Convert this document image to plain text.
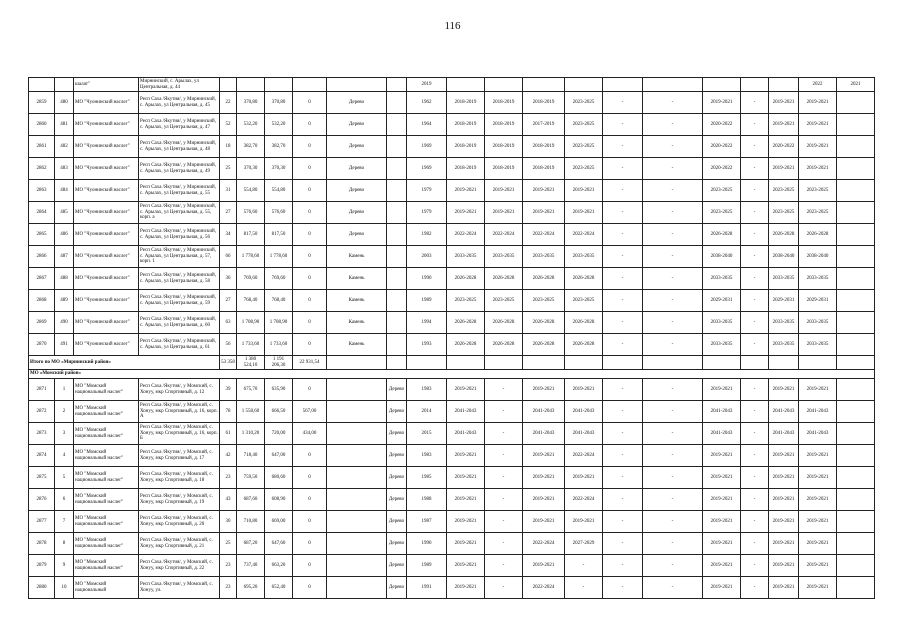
116
		шалат"	Мирнинский, с. Арылах, ул Центральная, д. 44							2019										2022	2021
2859	480	МО "Чуонинский наслег"	Респ Саха /Якутия/, у Мирнинский, с. Арылах, ул Центральная, д. 45	22	370,80	370,80	0	Дерево		1962	2018-2019	2018-2019	2018-2019	2023-2025	-	-	2019-2021	-	2019-2021	2019-2021	
2860	481	МО "Чуонинский наслег"	Респ Саха /Якутия/, у Мирнинский, с. Арылах, ул Центральная, д. 47	52	532,20	532,20	0	Дерево		1964	2018-2019	2018-2019	2017-2019	2023-2025	-	-	2020-2022	-	2019-2021	2019-2021	
2861	482	МО "Чуонинский наслег"	Респ Саха /Якутия/, у Мирнинский, с. Арылах, ул Центральная, д. 48	18	382,70	382,70	0	Дерево		1969	2018-2019	2018-2019	2018-2019	2023-2025	-	-	2020-2022	-	2020-2022	2019-2021	
2862	483	МО "Чуонинский наслег"	Респ Саха /Якутия/, у Мирнинский, с. Арылах, ул Центральная, д. 49	25	370,30	370,30	0	Дерево		1969	2018-2019	2018-2019	2018-2019	2023-2025	-	-	2020-2022	-	2019-2021	2019-2021	
2863	484	МО "Чуонинский наслег"	Респ Саха /Якутия/, у Мирнинский, с. Арылах, ул Центральная, д. 55	31	554,80	554,80	0	Дерево		1979	2019-2021	2019-2021	2019-2021	2019-2021	-	-	2023-2025	-	2023-2025	2023-2025	
2864	485	МО "Чуонинский наслег"	Респ Саха /Якутия/, у Мирнинский, с. Арылах, ул Центральная, д. 55, корп. а	27	576,60	576,60	0	Дерево		1979	2019-2021	2019-2021	2019-2021	2019-2021	-	-	2023-2025	-	2023-2025	2023-2025	
2865	486	МО "Чуонинский наслег"	Респ Саха /Якутия/, у Мирнинский, с. Арылах, ул Центральная, д. 56	34	817,50	817,50	0	Дерево		1982	2022-2024	2022-2024	2022-2024	2022-2024	-	-	2026-2028	-	2026-2028	2026-2028	
2866	487	МО "Чуонинский наслег"	Респ Саха /Якутия/, у Мирнинский, с. Арылах, ул Центральная, д. 57, корп. 1	66	1 778,60	1 778,60	0	Камень		2003	2033-2035	2033-2035	2033-2035	2033-2035	-	-	2038-2040	-	2038-2040	2038-2040	
2867	488	МО "Чуонинский наслег"	Респ Саха /Якутия/, у Мирнинский, с. Арылах, ул Центральная, д. 58	36	769,60	769,60	0	Камень		1990	2026-2028	2026-2028	2026-2028	2026-2028	-	-	2033-2035	-	2033-2035	2033-2035	
2868	489	МО "Чуонинский наслег"	Респ Саха /Якутия/, у Мирнинский, с. Арылах, ул Центральная, д. 59	27	768,40	768,40	0	Камень		1989	2023-2025	2023-2025	2023-2025	2023-2025	-	-	2029-2031	-	2029-2031	2029-2031	
2869	490	МО "Чуонинский наслег"	Респ Саха /Якутия/, у Мирнинский, с. Арылах, ул Центральная, д. 60	63	1 708,90	1 708,90	0	Камень		1994	2026-2028	2026-2028	2026-2028	2026-2028	-	-	2033-2035	-	2033-2035	2033-2035	
2870	491	МО "Чуонинский наслег"	Респ Саха /Якутия/, у Мирнинский, с. Арылах, ул Центральная, д. 61	56	1 733,60	1 733,60	0	Камень		1993	2026-2028	2026-2028	2026-2028	2026-2028	-	-	2033-2035	-	2033-2035	2033-2035	
Итого по МО «Мирнинский район»				53 358	1 380 524,10	1 191 206,30	22 931,54														
МО «Момский район»																					
2871	1	МО "Момский национальный наслег"	Респ Саха /Якутия/, у Момский, с. Хонуу, мкр Спортивный, д. 12	39	675,70	635,90	0		Дерево	1983	2019-2021	-	2019-2021	2019-2021	-	-	2019-2021	-	2019-2021	2019-2021	
2872	2	МО "Момский национальный наслег"	Респ Саха /Якутия/, у Момский, с. Хонуу, мкр Спортивный, д. 16, корп. А	78	1 558,60	666,50	567,00		Дерево	2014	2041-2043	-	2041-2043	2041-2043	-	-	2041-2043	-	2041-2043	2041-2043	
2873	3	МО "Момский национальный наслег"	Респ Саха /Якутия/, у Момский, с. Хонуу, мкр Спортивный, д. 16, корп. Б	61	1 310,20	720,00	434,00		Дерево	2015	2041-2043	-	2041-2043	2041-2043	-	-	2041-2043	-	2041-2043	2041-2043	
2874	4	МО "Момский национальный наслег"	Респ Саха /Якутия/, у Момский, с. Хонуу, мкр Спортивный, д. 17	42	718,40	647,00	0		Дерево	1983	2019-2021	-	2019-2021	2022-2024	-	-	2019-2021	-	2019-2021	2019-2021	
2875	5	МО "Момский национальный наслег"	Респ Саха /Якутия/, у Момский, с. Хонуу, мкр Спортивный, д. 18	23	759,50	680,60	0		Дерево	1985	2019-2021	-	2019-2021	2019-2021	-	-	2019-2021	-	2019-2021	2019-2021	
2876	6	МО "Момский национальный наслег"	Респ Саха /Якутия/, у Момский, с. Хонуу, мкр Спортивный, д. 19	43	687,60	608,90	0		Дерево	1988	2019-2021	-	2019-2021	2022-2024	-	-	2019-2021	-	2019-2021	2019-2021	
2877	7	МО "Момский национальный наслег"	Респ Саха /Якутия/, у Момский, с. Хонуу, мкр Спортивный, д. 20	30	710,80	669,00	0		Дерево	1987	2019-2021	-	2019-2021	2019-2021	-	-	2019-2021	-	2019-2021	2019-2021	
2878	8	МО "Момский национальный наслег"	Респ Саха /Якутия/, у Момский, с. Хонуу, мкр Спортивный, д. 21	25	687,20	647,60	0		Дерево	1990	2019-2021	-	2022-2024	2027-2029	-	-	2019-2021	-	2019-2021	2019-2021	
2879	9	МО "Момский национальный наслег"	Респ Саха /Якутия/, у Момский, с. Хонуу, мкр Спортивный, д. 22	23	737,40	663,20	0		Дерево	1989	2019-2021	-	2019-2021	-	-	-	2019-2021	-	2019-2021	2019-2021	
2880	10	МО "Момский национальный	Респ Саха /Якутия/, у Момский, с. Хонуу, ул.	23	695,20	652,40	0		Дерево	1991	2019-2021	-	2022-2024	-	-	-	2019-2021	-	2019-2021	2019-2021	
